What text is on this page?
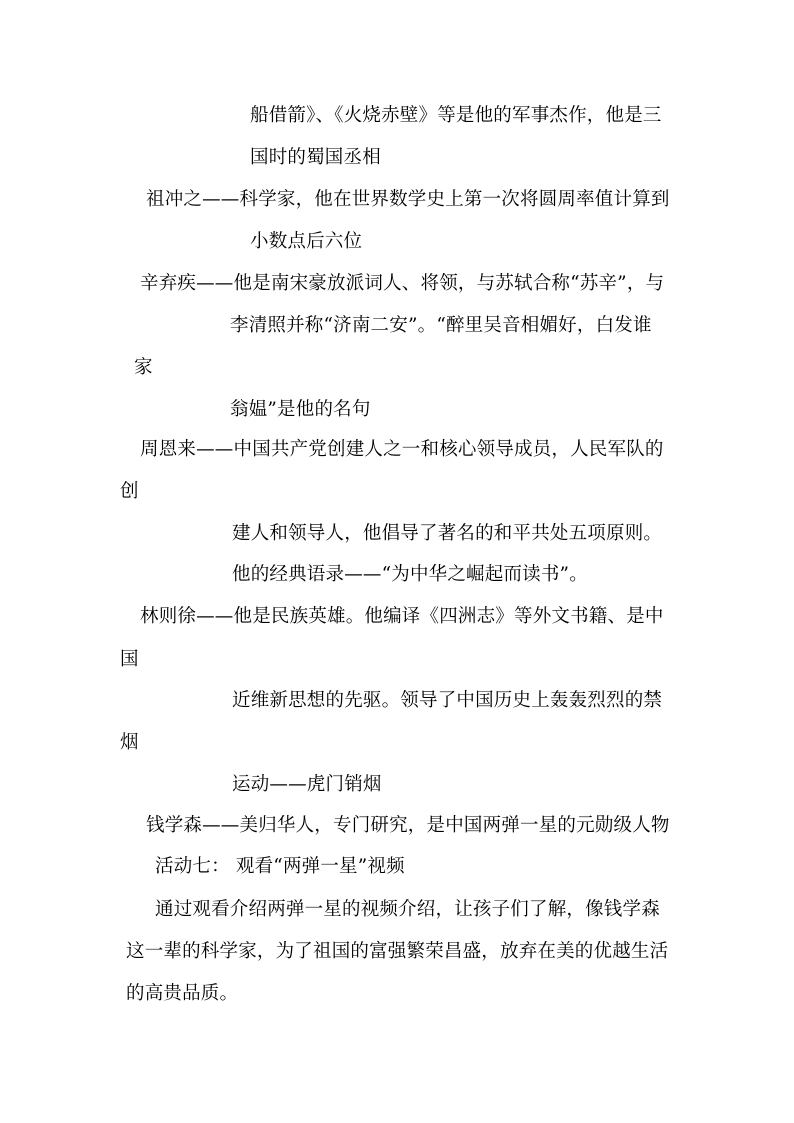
船借箭》、《火烧赤壁》等是他的军事杰作，他是三
国时的蜀国丞相
祖冲之——科学家，他在世界数学史上第一次将圆周率值计算到
小数点后六位
辛弃疾——他是南宋豪放派词人、将领，与苏轼合称“苏辛”，与
李清照并称“济南二安”。“醉里吴音相媚好，白发谁
家
翁媪”是他的名句
周恩来——中国共产党创建人之一和核心领导成员，人民军队的
创
建人和领导人，他倡导了著名的和平共处五项原则。
他的经典语录——“为中华之崛起而读书”。
林则徐——他是民族英雄。他编译《四洲志》等外文书籍、是中
国
近维新思想的先驱。领导了中国历史上轰轰烈烈的禁
烟
运动——虎门销烟
钱学森——美归华人，专门研究，是中国两弹一星的元勋级人物
活动七： 观看“两弹一星”视频
通过观看介绍两弹一星的视频介绍，让孩子们了解，像钱学森
这一辈的科学家，为了祖国的富强繁荣昌盛，放弃在美的优越生活
的高贵品质。
